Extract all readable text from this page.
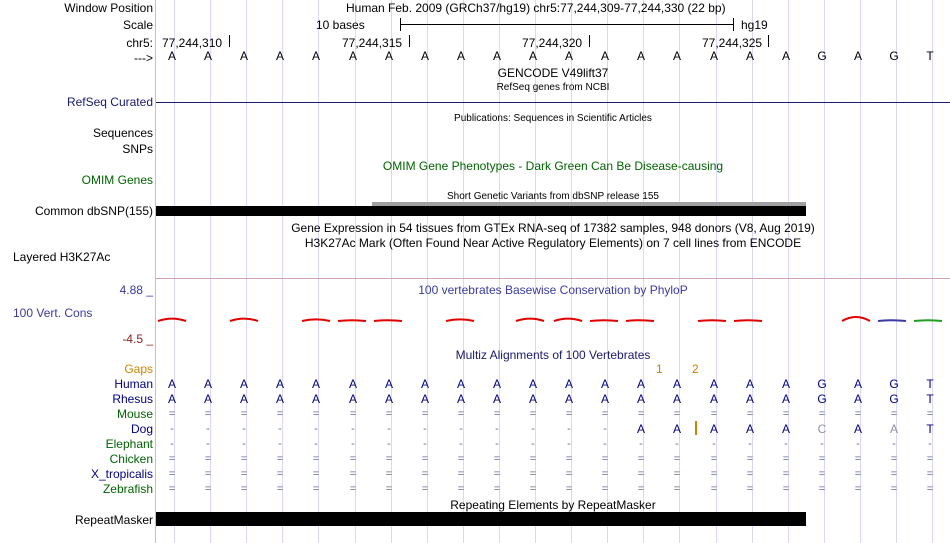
Window Position	Human Feb. 2009 (GRCh37/hg19) chr5:77,244,309-77,244,330 (22 bp)
Scale	10 bases	hg19
chr5: 77,244,310	77,244,315	77,244,320	77,244,325
--->	A	A	A	A	A	A	A	A	A	A	A	A	A	A	A	A	A	A	G	A	G	T
GENCODE V49lift37
RefSeq genes from NCBI
RefSeq Curated
Publications: Sequences in Scientific Articles
Sequences
SNPs
OMIM Gene Phenotypes - Dark Green Can Be Disease-causing
OMIM Genes
Short Genetic Variants from dbSNP release 155
Common dbSNP(155)
Gene Expression in 54 tissues from GTEx RNA-seq of 17382 samples, 948 donors (V8, Aug 2019)
H3K27Ac Mark (Often Found Near Active Regulatory Elements) on 7 cell lines from ENCODE
Layered H3K27Ac
4.88 _	100 vertebrates Basewise Conservation by PhyloP
100 Vert. Cons
-4.5 _
Multiz Alignments of 100 Vertebrates
Gaps	1 2
Human	A	A	A	A	A	A	A	A	A	A	A	A	A	A	A	A	A	A	G	A	G	T
Rhesus	A	A	A	A	A	A	A	A	A	A	A	A	A	A	A	A	A	A	G	A	G	T
Mouse	=	=	=	=	=	=	=	=	=	=	=	=	=	=	=	=	=	=	=	=	=	=
Dog	-	-	-	-	-	-	-	-	-	-	-	-	-	A	A	A	A	A	C	A	A	T
Elephant	-	-	-	-	-	-	-	-	-	-	-	-	-	-	-	-	-	-	-	-	-	-
Chicken	=	=	=	=	=	=	=	=	=	=	=	=	=	=	=	=	=	=	=	=	=	=
X_tropicalis	=	=	=	=	=	=	=	=	=	=	=	=	=	=	=	=	=	=	=	=	=	=
Zebrafish	=	=	=	=	=	=	=	=	=	=	=	=	=	=	=	=	=	=	=	=	=	=
Repeating Elements by RepeatMasker
RepeatMasker
